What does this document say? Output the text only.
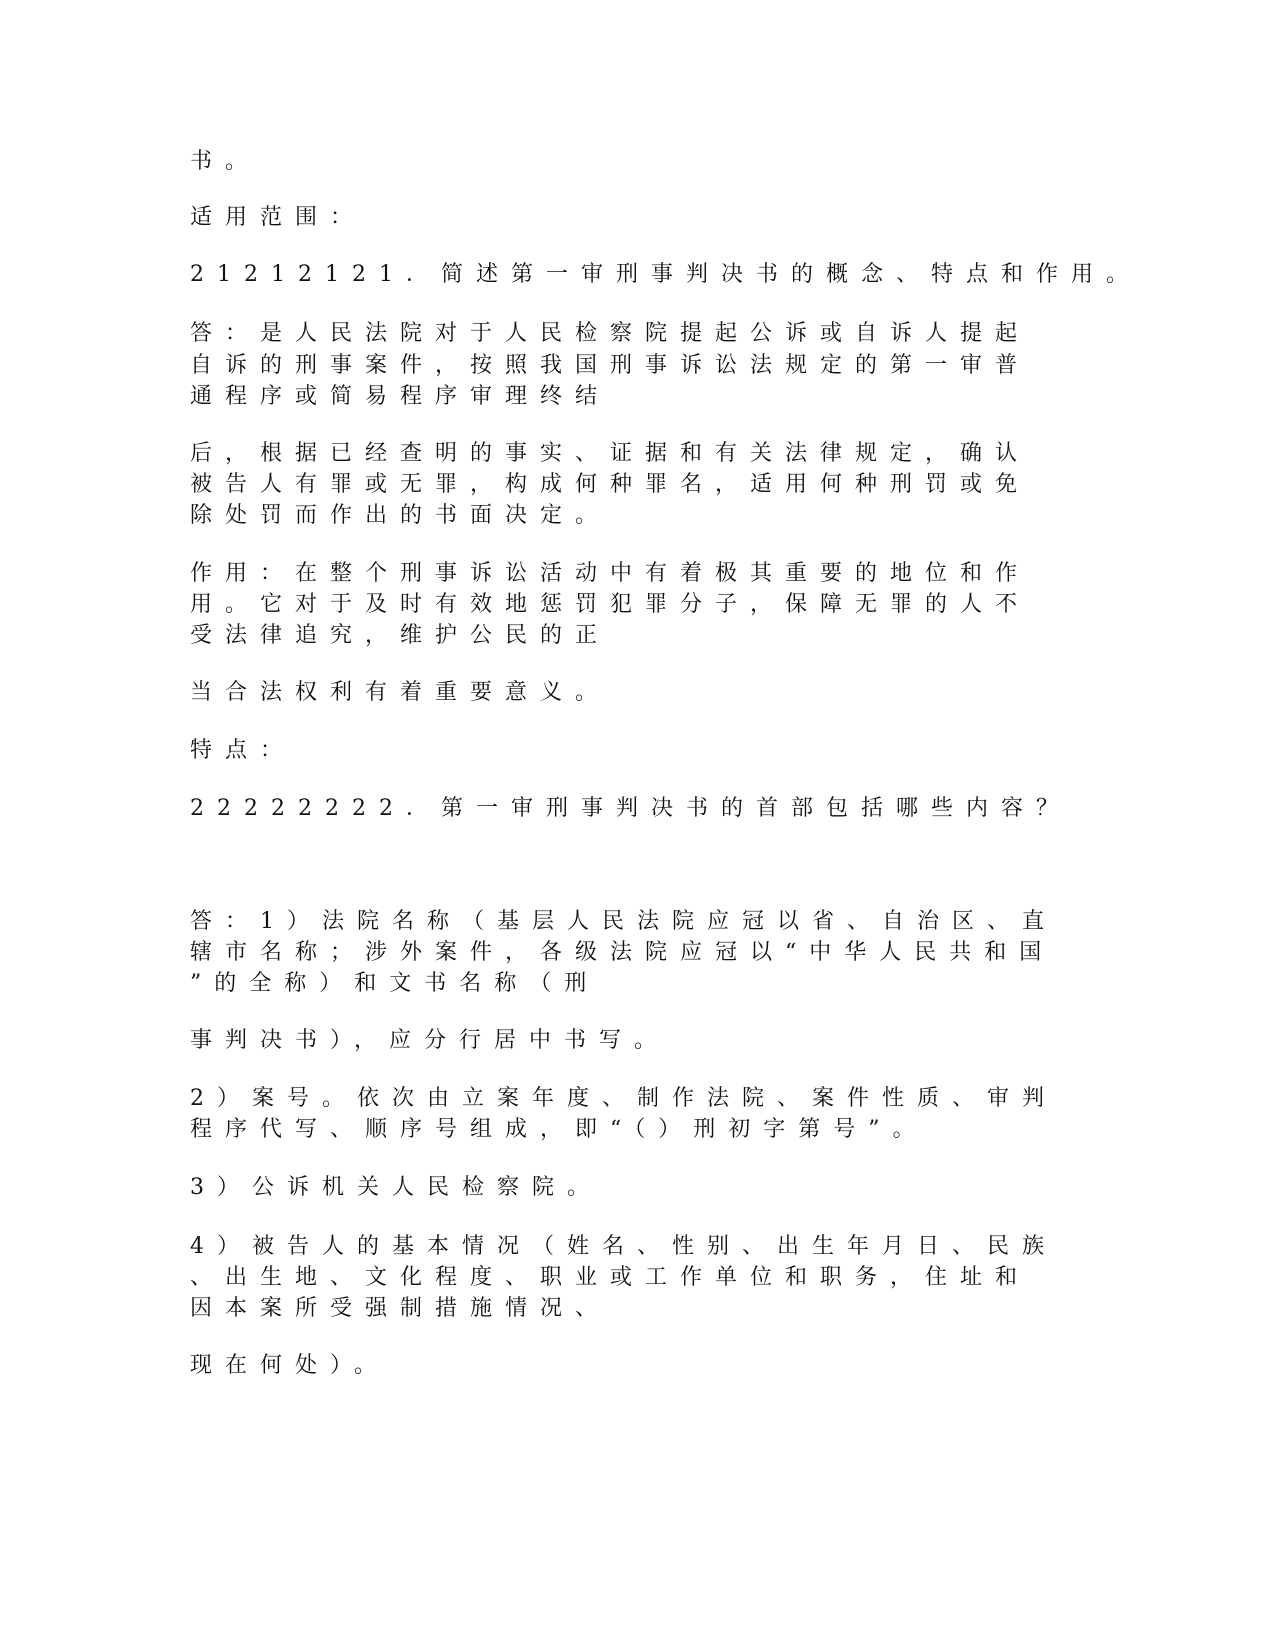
书。

适用范围：

21212121．简述第一审刑事判决书的概念、特点和作用。

答：是人民法院对于人民检察院提起公诉或自诉人提起

自诉的刑事案件，按照我国刑事诉讼法规定的第一审普

通程序或简易程序审理终结

后，根据已经查明的事实、证据和有关法律规定，确认

被告人有罪或无罪，构成何种罪名，适用何种刑罚或免

除处罚而作出的书面决定。

作用：在整个刑事诉讼活动中有着极其重要的地位和作

用。它对于及时有效地惩罚犯罪分子，保障无罪的人不

受法律追究，维护公民的正

当合法权利有着重要意义。

特点：

22222222．第一审刑事判决书的首部包括哪些内容？

答：1）法院名称（基层人民法院应冠以省、自治区、直

辖市名称；涉外案件，各级法院应冠以“中华人民共和国

”的全称）和文书名称（刑

事判决书），应分行居中书写。

2）案号。依次由立案年度、制作法院、案件性质、审判

程序代写、顺序号组成，即“（）刑初字第号”。

3）公诉机关人民检察院。

4）被告人的基本情况（姓名、性别、出生年月日、民族

、出生地、文化程度、职业或工作单位和职务，住址和

因本案所受强制措施情况、

现在何处）。
